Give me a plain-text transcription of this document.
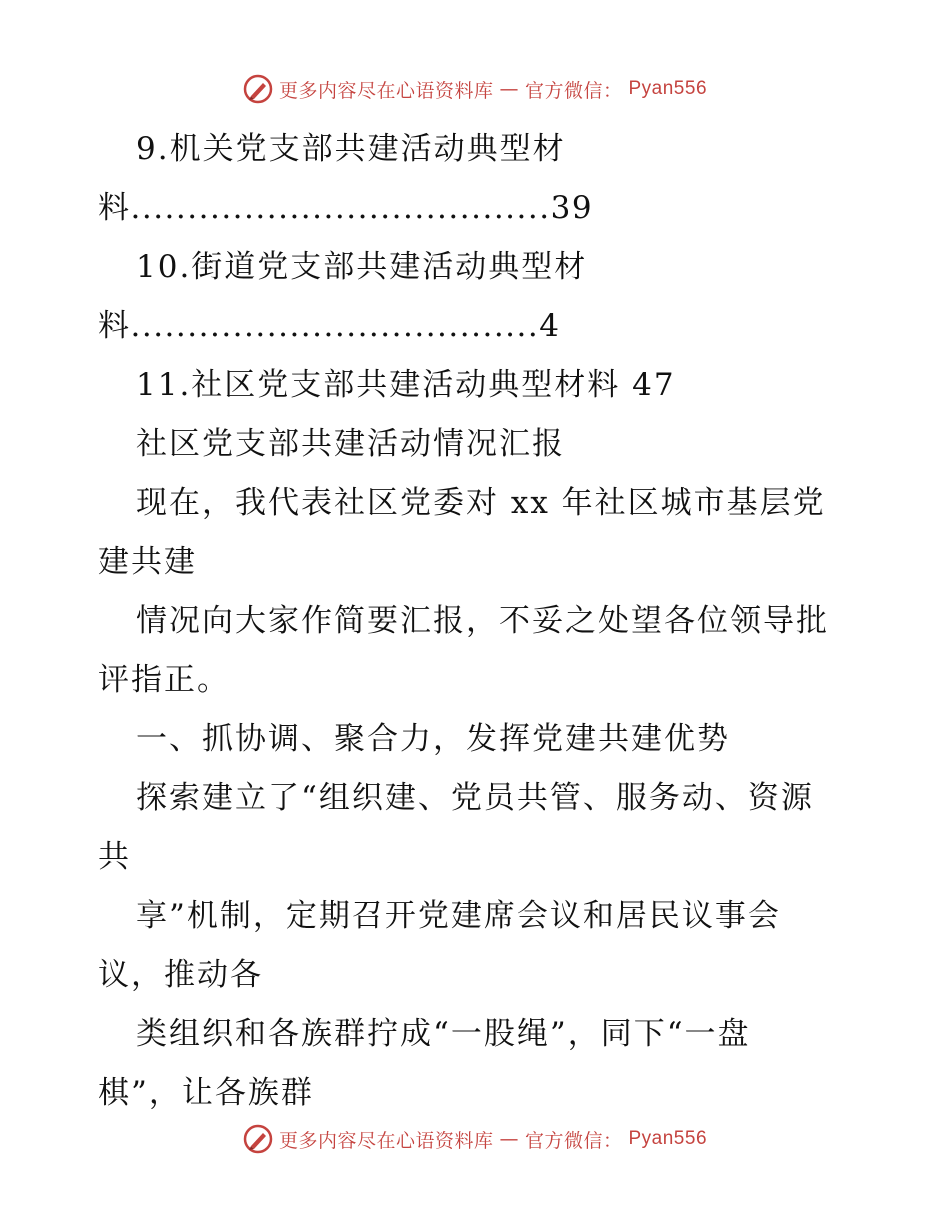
更多内容尽在心语资料库 — 官方微信： Pyan556
9.机关党支部共建活动典型材
料.....................................39
10.街道党支部共建活动典型材
料....................................4
11.社区党支部共建活动典型材料 47
社区党支部共建活动情况汇报
现在，我代表社区党委对 xx 年社区城市基层党
建共建
情况向大家作简要汇报，不妥之处望各位领导批
评指正。
一、抓协调、聚合力，发挥党建共建优势
探索建立了“组织建、党员共管、服务动、资源
共
享”机制，定期召开党建席会议和居民议事会
议，推动各
类组织和各族群拧成“一股绳”，同下“一盘
棋”，让各族群
更多内容尽在心语资料库 — 官方微信： Pyan556
